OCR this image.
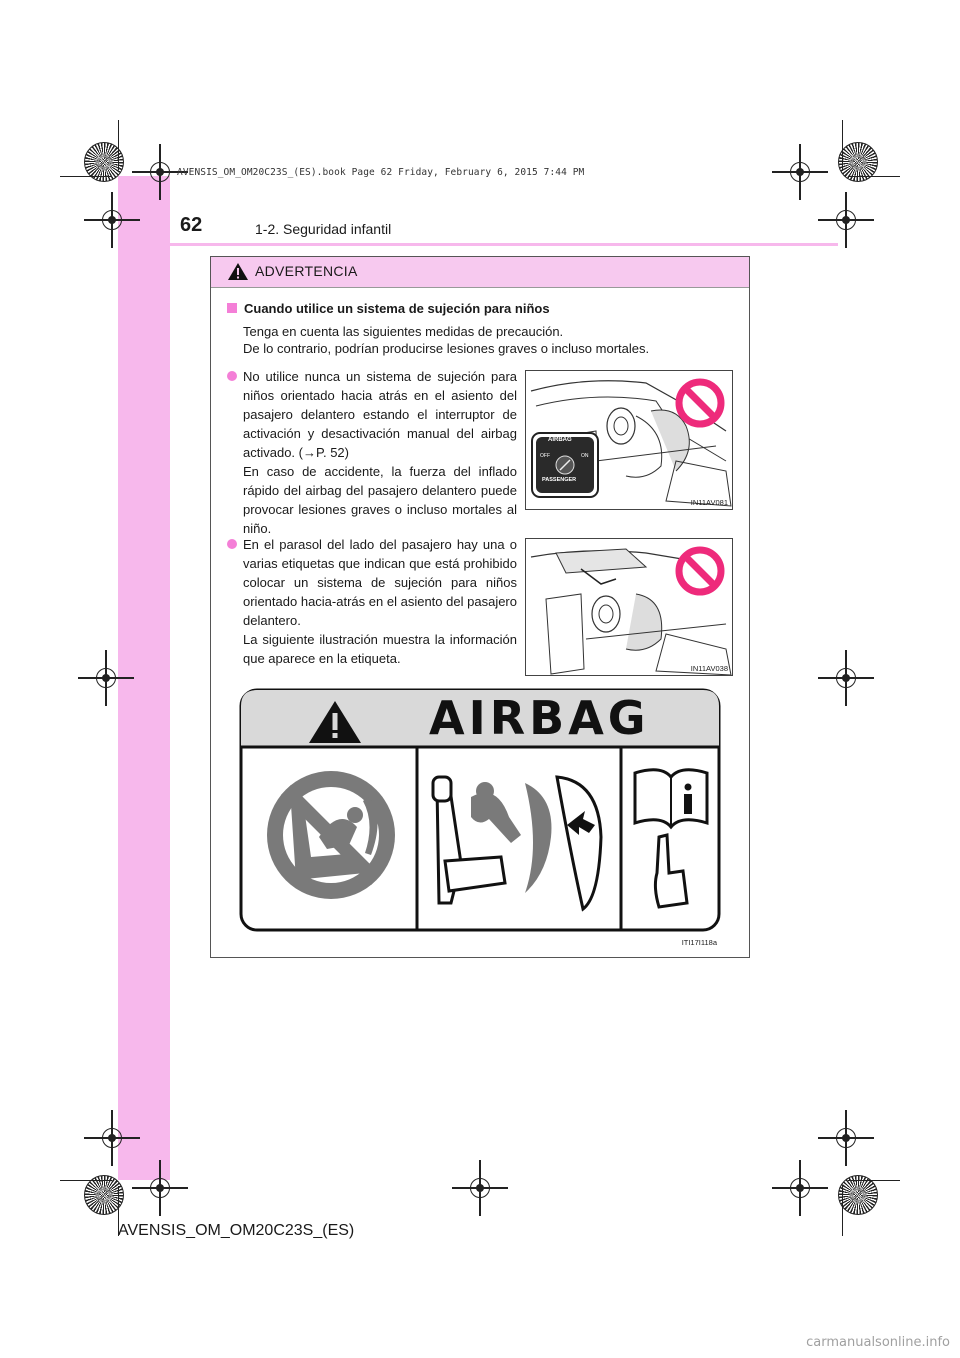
AVENSIS_OM_OM20C23S_(ES).book Page 62 Friday, February 6, 2015 7:44 PM
62	1-2. Seguridad infantil
ADVERTENCIA
Cuando utilice un sistema de sujeción para niños

Tenga en cuenta las siguientes medidas de precaución.

De lo contrario, podrían producirse lesiones graves o incluso mortales.

No utilice nunca un sistema de sujeción para niños orientado hacia atrás en el asiento del pasajero delantero estando el interruptor de activación y desactivación manual del airbag activado. (→P. 52)
En caso de accidente, la fuerza del inflado rápido del airbag del pasajero delantero puede provocar lesiones graves o incluso mortales al niño.
AIRBAG
OFF	ON
PASSENGER
IN11AV081
En el parasol del lado del pasajero hay una o varias etiquetas que indican que está prohibido colocar un sistema de sujeción para niños orientado hacia-atrás en el asiento del pasajero delantero.
La siguiente ilustración muestra la información que aparece en la etiqueta.
IN11AV038
AIRBAG
ITI17I118a
AVENSIS_OM_OM20C23S_(ES)
carmanualsonline.info
